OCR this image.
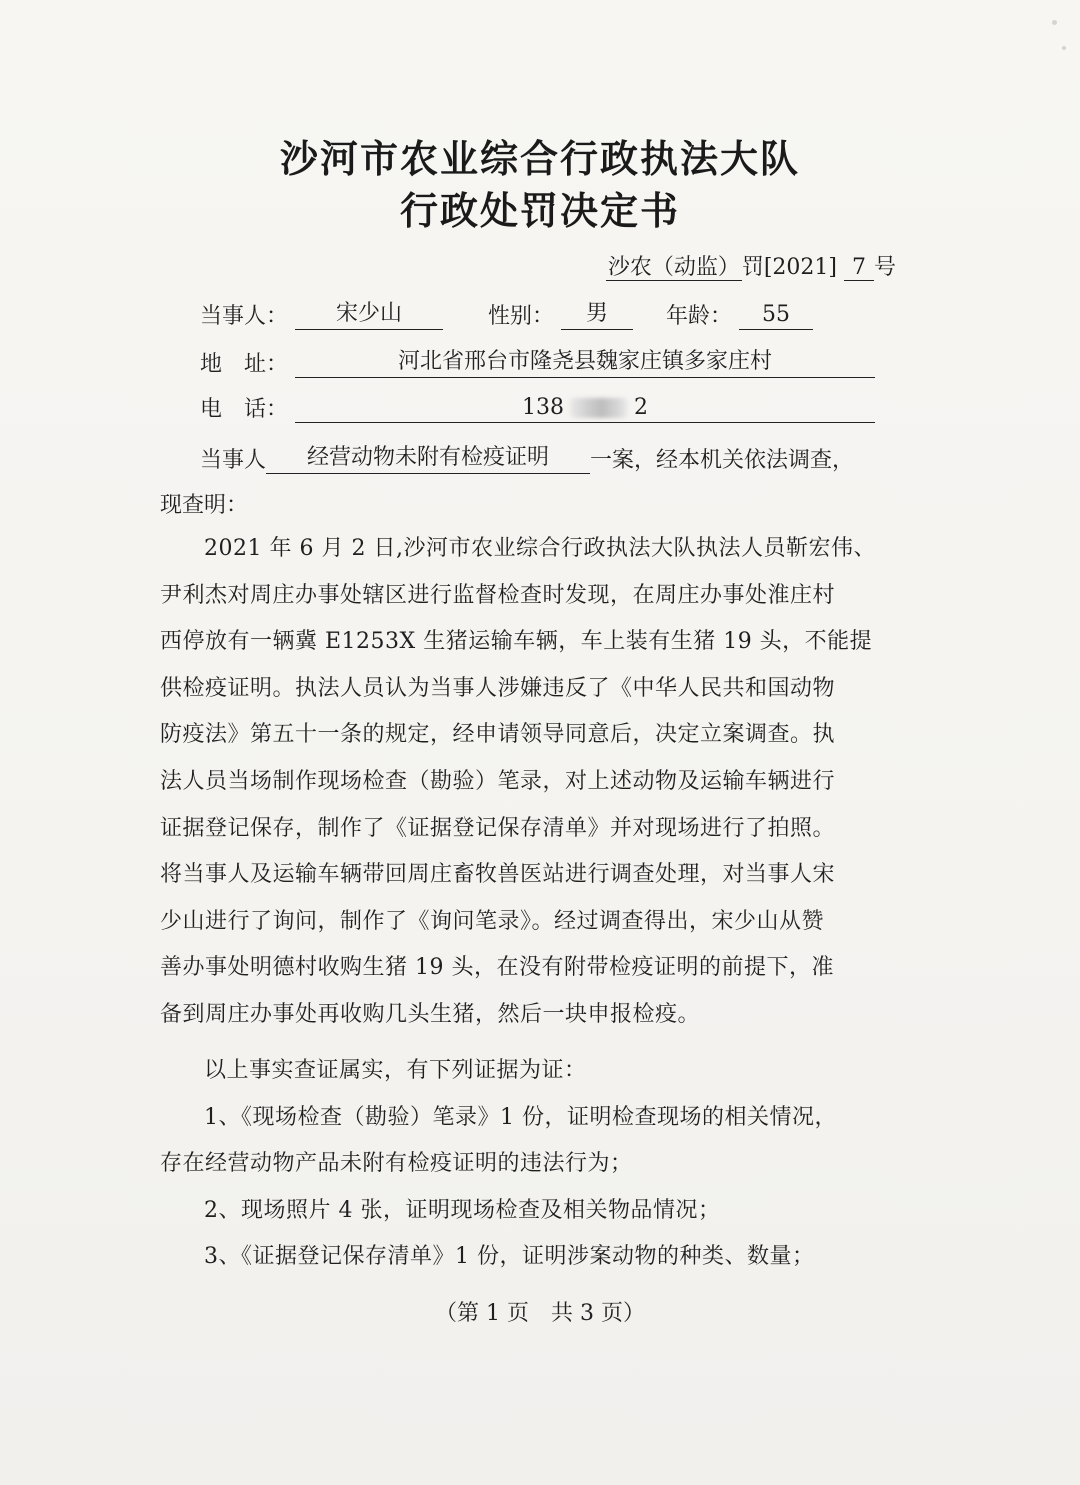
沙河市农业综合行政执法大队
行政处罚决定书
沙农（动监）罚[2021] 7 号
当事人： 宋少山	性别： 男	年龄： 55
地　址：	河北省邢台市隆尧县魏家庄镇多家庄村
电　话：	138	2
当事人 经营动物未附有检疫证明 一案，经本机关依法调查，
现查明：
2021 年 6 月 2 日,沙河市农业综合行政执法大队执法人员靳宏伟、
尹利杰对周庄办事处辖区进行监督检查时发现，在周庄办事处淮庄村
西停放有一辆冀 E1253X 生猪运输车辆，车上装有生猪 19 头，不能提
供检疫证明。执法人员认为当事人涉嫌违反了《中华人民共和国动物
防疫法》第五十一条的规定，经申请领导同意后，决定立案调查。执
法人员当场制作现场检查（勘验）笔录，对上述动物及运输车辆进行
证据登记保存，制作了《证据登记保存清单》并对现场进行了拍照。
将当事人及运输车辆带回周庄畜牧兽医站进行调查处理，对当事人宋
少山进行了询问，制作了《询问笔录》。经过调查得出，宋少山从赞
善办事处明德村收购生猪 19 头，在没有附带检疫证明的前提下，准
备到周庄办事处再收购几头生猪，然后一块申报检疫。
以上事实查证属实，有下列证据为证：
1、《现场检查（勘验）笔录》1 份，证明检查现场的相关情况，
存在经营动物产品未附有检疫证明的违法行为；
2、现场照片 4 张，证明现场检查及相关物品情况；
3、《证据登记保存清单》1 份，证明涉案动物的种类、数量；
（第 1 页　共 3 页）
